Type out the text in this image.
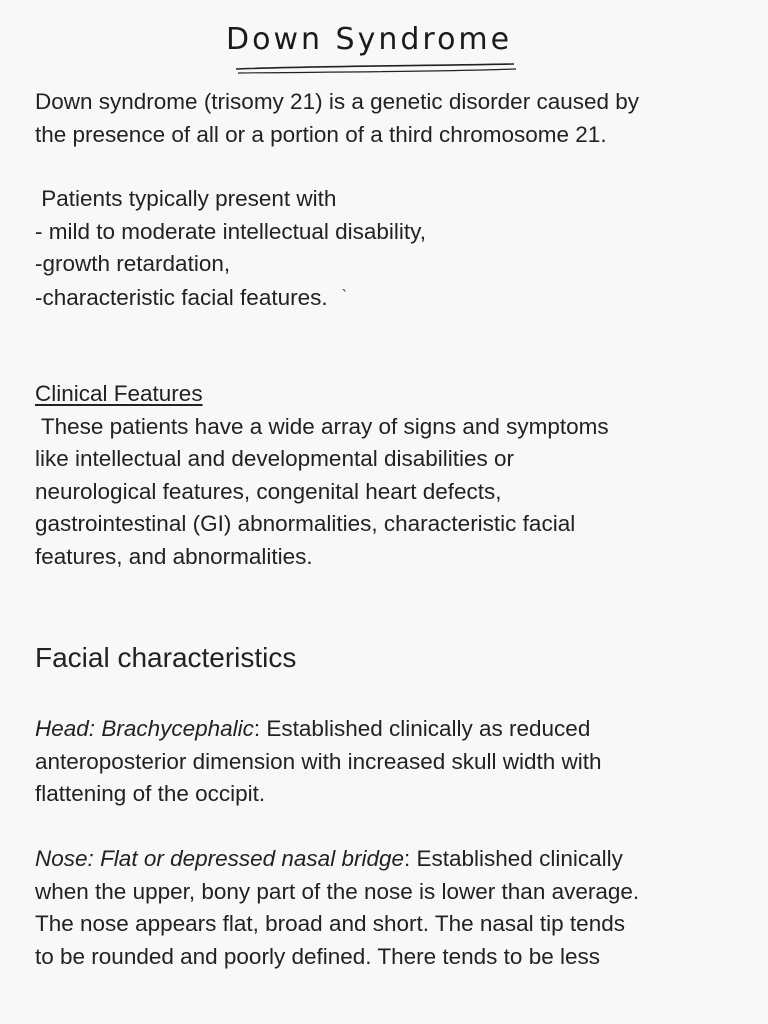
Down Syndrome
Down syndrome (trisomy 21) is a genetic disorder caused by
the presence of all or a portion of a third chromosome 21.
Patients typically present with
- mild to moderate intellectual disability,
-growth retardation,
-characteristic facial features. `
Clinical Features
These patients have a wide array of signs and symptoms
like intellectual and developmental disabilities or
neurological features, congenital heart defects,
gastrointestinal (GI) abnormalities, characteristic facial
features, and abnormalities.
Facial characteristics
Head: Brachycephalic: Established clinically as reduced
anteroposterior dimension with increased skull width with
flattening of the occipit.
Nose: Flat or depressed nasal bridge: Established clinically
when the upper, bony part of the nose is lower than average.
The nose appears flat, broad and short. The nasal tip tends
to be rounded and poorly defined. There tends to be less
